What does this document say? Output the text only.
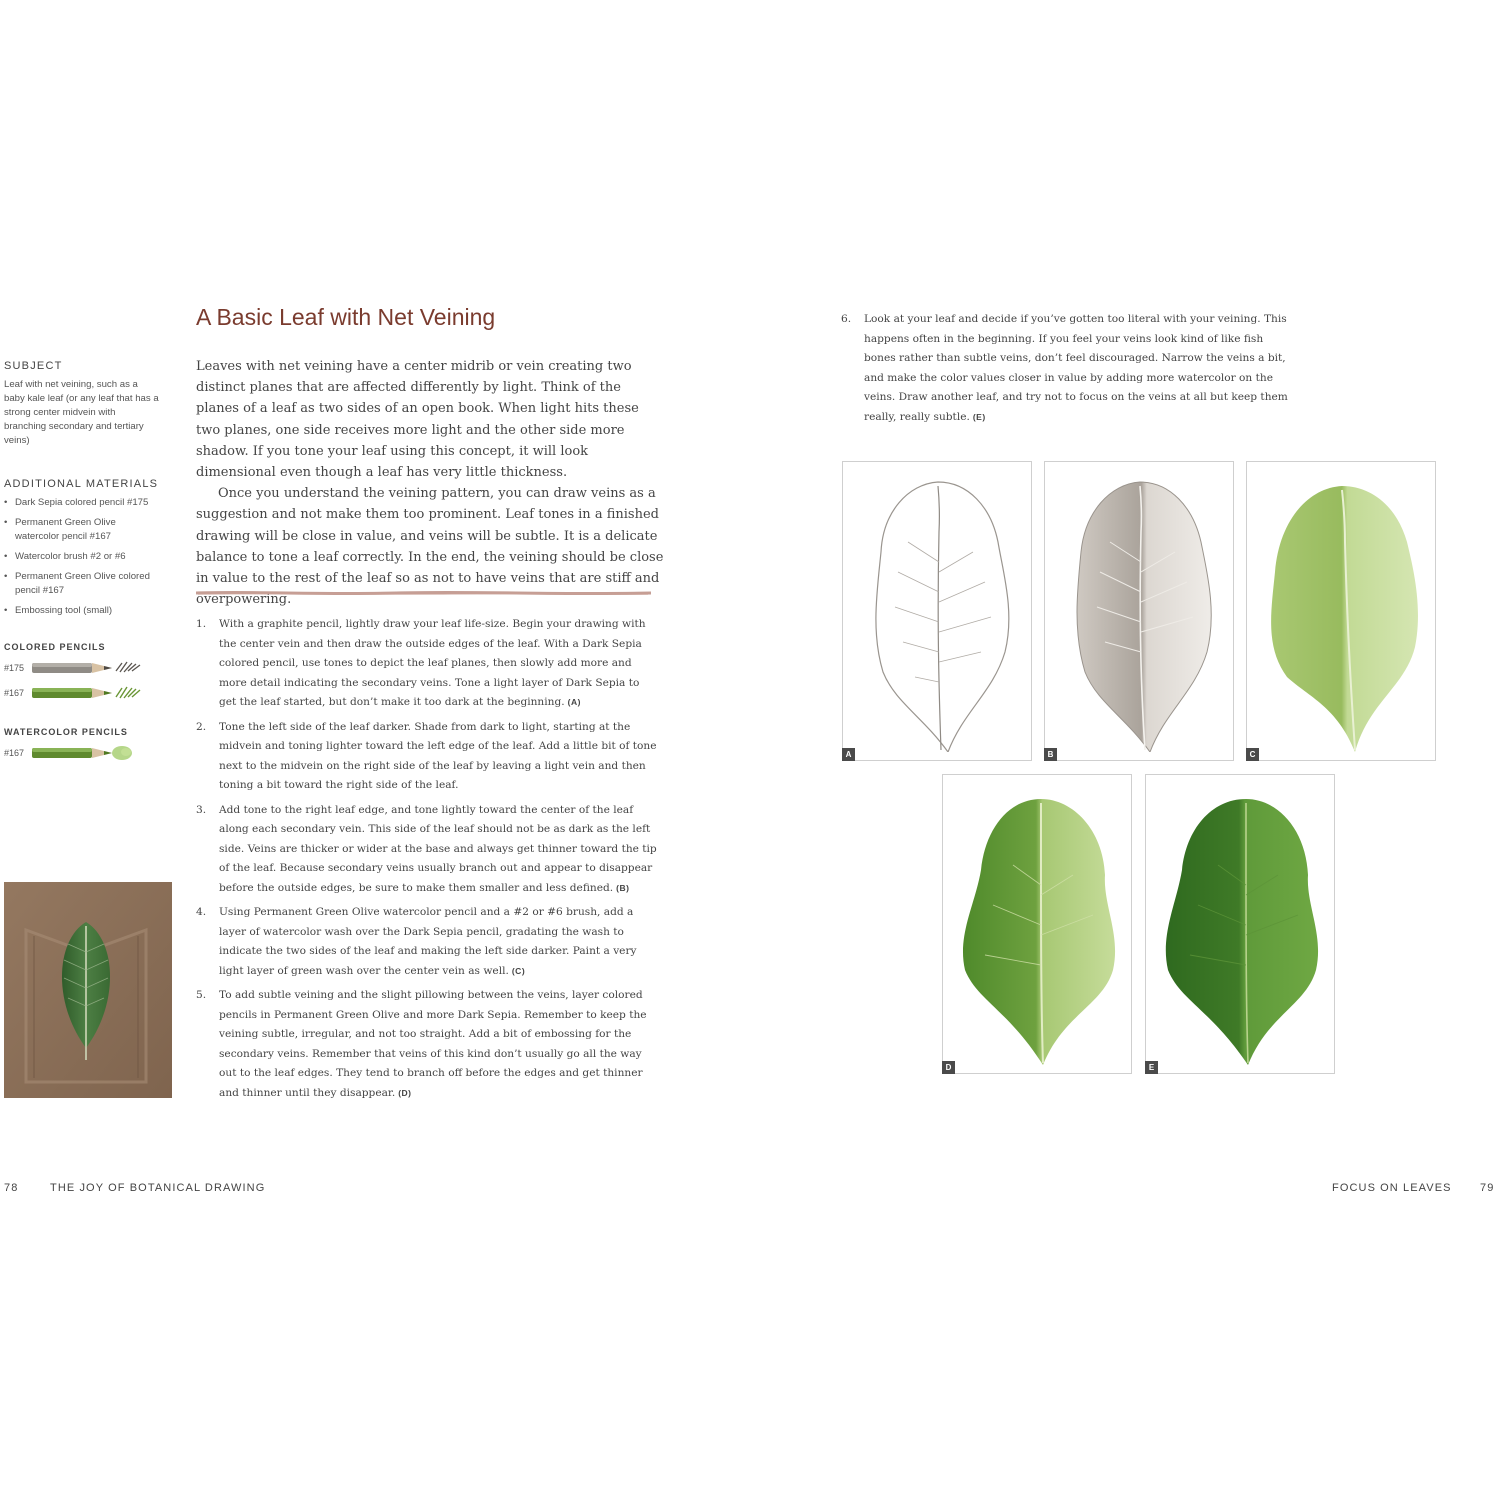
SUBJECT

Leaf with net veining, such as a baby kale leaf (or any leaf that has a strong center midvein with branching secondary and tertiary veins)

ADDITIONAL MATERIALS
• Dark Sepia colored pencil #175
• Permanent Green Olive watercolor pencil #167
• Watercolor brush #2 or #6
• Permanent Green Olive colored pencil #167
• Embossing tool (small)
COLORED PENCILS
#175
#167
WATERCOLOR PENCILS
#167
A Basic Leaf with Net Veining

Leaves with net veining have a center midrib or vein creating two distinct planes that are affected differently by light. Think of the planes of a leaf as two sides of an open book. When light hits these two planes, one side receives more light and the other side more shadow. If you tone your leaf using this concept, it will look dimensional even though a leaf has very little thickness.

Once you understand the veining pattern, you can draw veins as a suggestion and not make them too prominent. Leaf tones in a finished drawing will be close in value, and veins will be subtle. It is a delicate balance to tone a leaf correctly. In the end, the veining should be close in value to the rest of the leaf so as not to have veins that are stiff and overpowering.

1.	With a graphite pencil, lightly draw your leaf life-size. Begin your drawing with the center vein and then draw the outside edges of the leaf. With a Dark Sepia colored pencil, use tones to depict the leaf planes, then slowly add more and more detail indicating the secondary veins. Tone a light layer of Dark Sepia to get the leaf started, but don’t make it too dark at the beginning. (A)
2.	Tone the left side of the leaf darker. Shade from dark to light, starting at the midvein and toning lighter toward the left edge of the leaf. Add a little bit of tone next to the midvein on the right side of the leaf by leaving a light vein and then toning a bit toward the right side of the leaf.
3.	Add tone to the right leaf edge, and tone lightly toward the center of the leaf along each secondary vein. This side of the leaf should not be as dark as the left side. Veins are thicker or wider at the base and always get thinner toward the tip of the leaf. Because secondary veins usually branch out and appear to disappear before the outside edges, be sure to make them smaller and less defined. (B)
4.	Using Permanent Green Olive watercolor pencil and a #2 or #6 brush, add a layer of watercolor wash over the Dark Sepia pencil, gradating the wash to indicate the two sides of the leaf and making the left side darker. Paint a very light layer of green wash over the center vein as well. (C)
5.	To add subtle veining and the slight pillowing between the veins, layer colored pencils in Permanent Green Olive and more Dark Sepia. Remember to keep the veining subtle, irregular, and not too straight. Add a bit of embossing for the secondary veins. Remember that veins of this kind don’t usually go all the way out to the leaf edges. They tend to branch off before the edges and get thinner and thinner until they disappear. (D)
78	THE JOY OF BOTANICAL DRAWING
6.	Look at your leaf and decide if you’ve gotten too literal with your veining. This happens often in the beginning. If you feel your veins look kind of like fish bones rather than subtle veins, don’t feel discouraged. Narrow the veins a bit, and make the color values closer in value by adding more watercolor on the veins. Draw another leaf, and try not to focus on the veins at all but keep them really, really subtle. (E)
A	B	C
D	E
FOCUS ON LEAVES	79
